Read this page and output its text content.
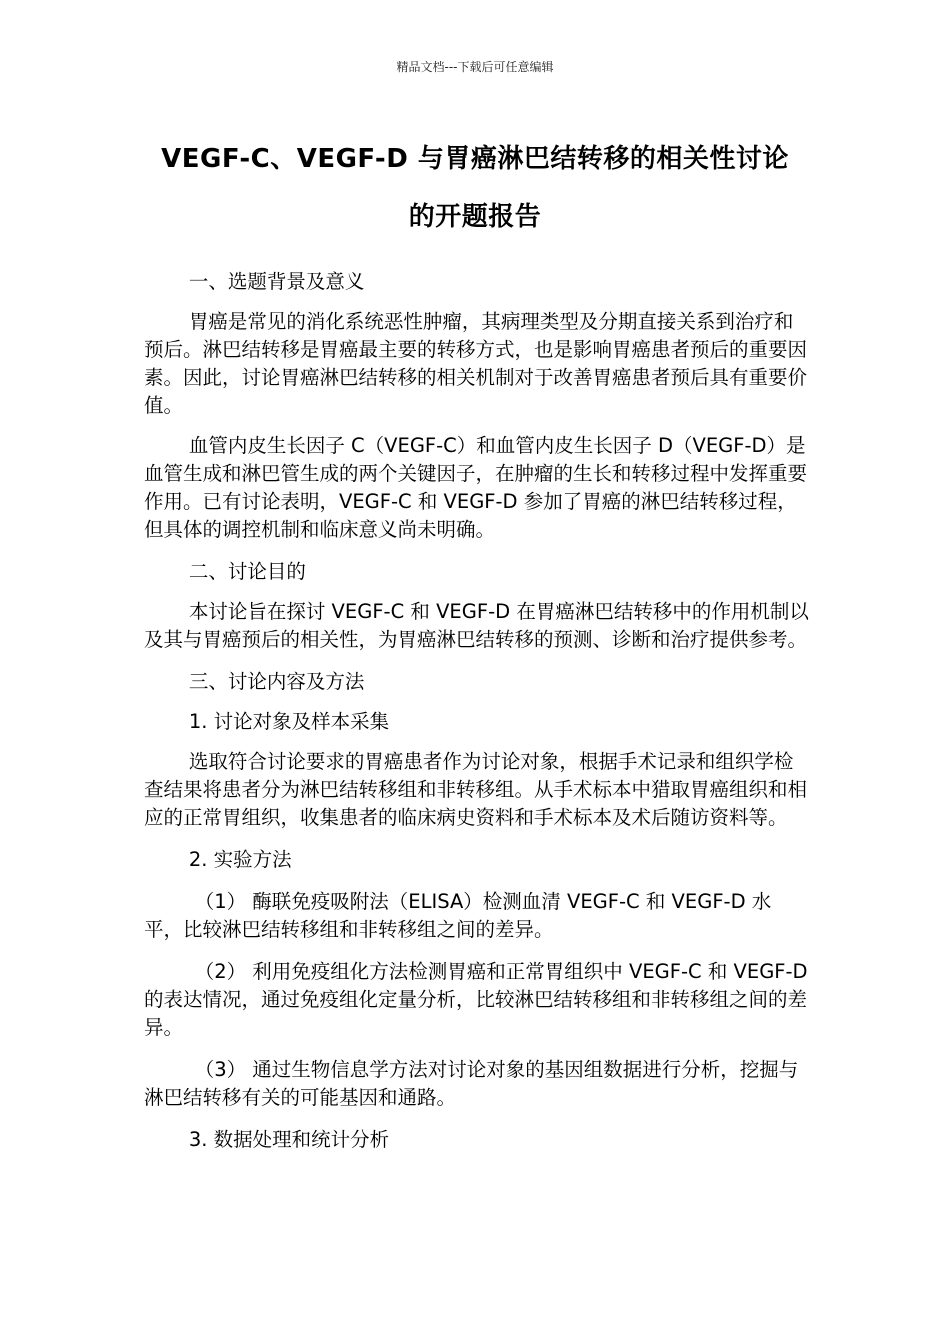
精品文档---下载后可任意编辑
VEGF-C、VEGF-D 与胃癌淋巴结转移的相关性讨论
的开题报告

一、选题背景及意义

胃癌是常见的消化系统恶性肿瘤，其病理类型及分期直接关系到治疗和预后。淋巴结转移是胃癌最主要的转移方式，也是影响胃癌患者预后的重要因素。因此，讨论胃癌淋巴结转移的相关机制对于改善胃癌患者预后具有重要价值。

血管内皮生长因子 C（VEGF-C）和血管内皮生长因子 D（VEGF-D）是血管生成和淋巴管生成的两个关键因子，在肿瘤的生长和转移过程中发挥重要作用。已有讨论表明，VEGF-C 和 VEGF-D 参加了胃癌的淋巴结转移过程，但具体的调控机制和临床意义尚未明确。

二、讨论目的

本讨论旨在探讨 VEGF-C 和 VEGF-D 在胃癌淋巴结转移中的作用机制以及其与胃癌预后的相关性，为胃癌淋巴结转移的预测、诊断和治疗提供参考。

三、讨论内容及方法

1. 讨论对象及样本采集

选取符合讨论要求的胃癌患者作为讨论对象，根据手术记录和组织学检查结果将患者分为淋巴结转移组和非转移组。从手术标本中猎取胃癌组织和相应的正常胃组织，收集患者的临床病史资料和手术标本及术后随访资料等。

2. 实验方法

（1） 酶联免疫吸附法（ELISA）检测血清 VEGF-C 和 VEGF-D 水平，比较淋巴结转移组和非转移组之间的差异。

（2） 利用免疫组化方法检测胃癌和正常胃组织中 VEGF-C 和 VEGF-D 的表达情况，通过免疫组化定量分析，比较淋巴结转移组和非转移组之间的差异。

（3） 通过生物信息学方法对讨论对象的基因组数据进行分析，挖掘与淋巴结转移有关的可能基因和通路。

3. 数据处理和统计分析
